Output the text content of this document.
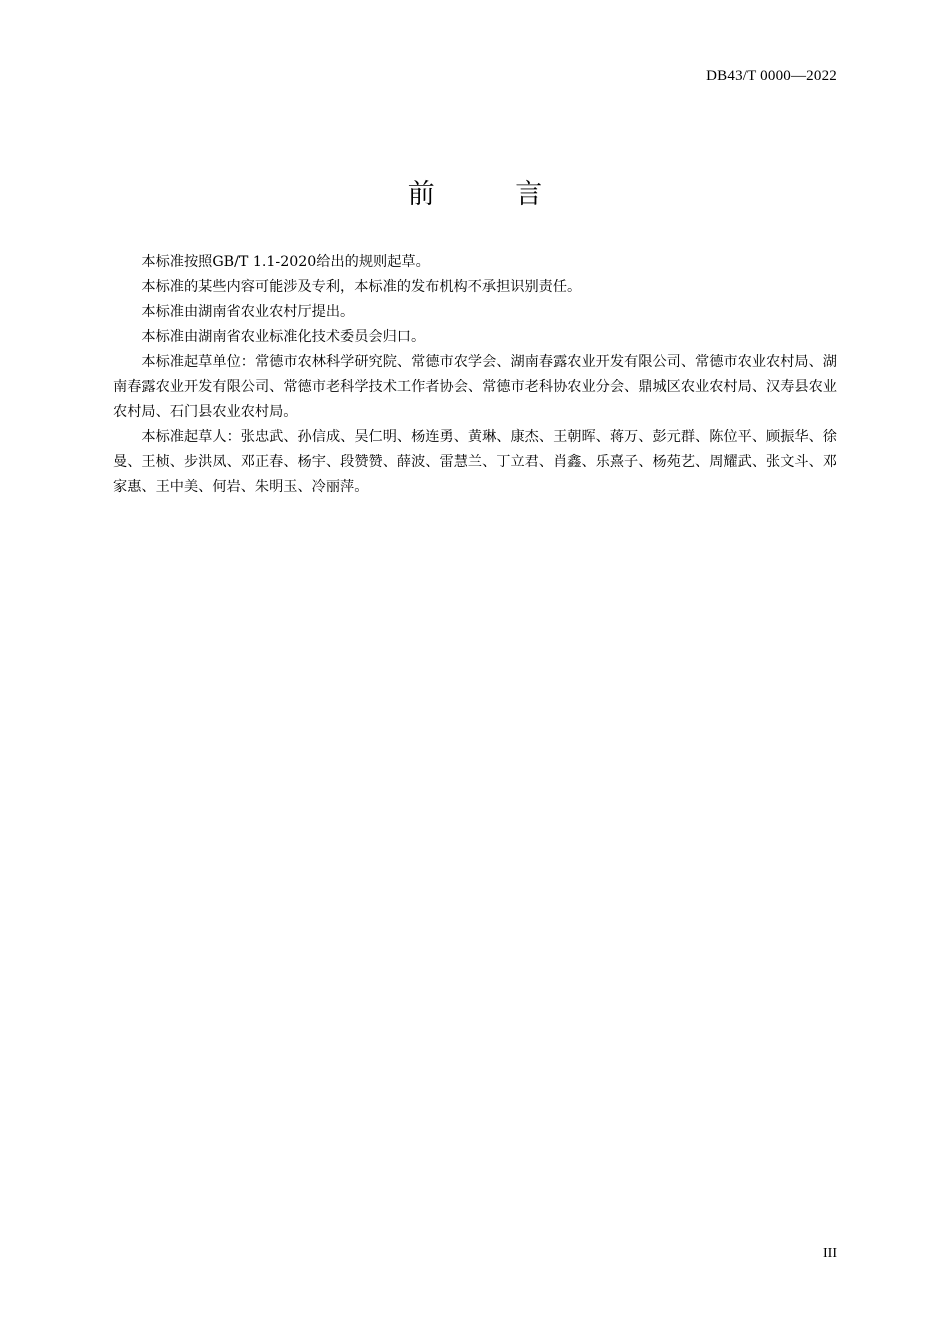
DB43/T 0000—2022
前 言

本标准按照GB/T 1.1-2020给出的规则起草。

本标准的某些内容可能涉及专利，本标准的发布机构不承担识别责任。

本标准由湖南省农业农村厅提出。

本标准由湖南省农业标准化技术委员会归口。

本标准起草单位：常德市农林科学研究院、常德市农学会、湖南春露农业开发有限公司、常德市农业农村局、湖南春露农业开发有限公司、常德市老科学技术工作者协会、常德市老科协农业分会、鼎城区农业农村局、汉寿县农业农村局、石门县农业农村局。

本标准起草人：张忠武、孙信成、吴仁明、杨连勇、黄琳、康杰、王朝晖、蒋万、彭元群、陈位平、顾振华、徐曼、王桢、步洪凤、邓正春、杨宇、段赞赞、薛波、雷慧兰、丁立君、肖鑫、乐熹子、杨苑艺、周耀武、张文斗、邓家惠、王中美、何岩、朱明玉、冷丽萍。

III
